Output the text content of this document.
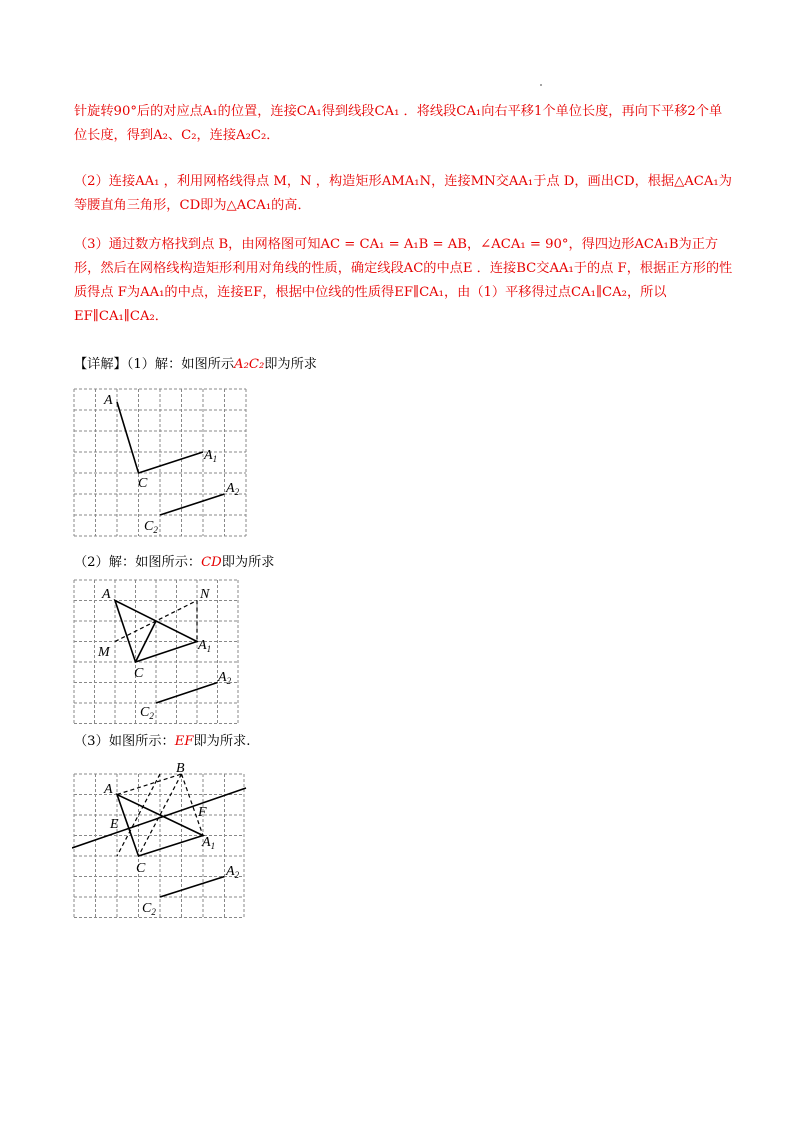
针旋转90°后的对应点A₁的位置，连接CA₁得到线段CA₁ ．将线段CA₁向右平移1个单位长度，再向下平移2个单位长度，得到A₂、C₂，连接A₂C₂．
（2）连接AA₁ ，利用网格线得点 M，N ，构造矩形AMA₁N，连接MN交AA₁于点 D，画出CD，根据△ACA₁为等腰直角三角形，CD即为△ACA₁的高．
（3）通过数方格找到点 B，由网格图可知AC = CA₁ = A₁B = AB，∠ACA₁ = 90°，得四边形ACA₁B为正方形，然后在网格线构造矩形利用对角线的性质，确定线段AC的中点E ．连接BC交AA₁于的点 F，根据正方形的性质得点 F为AA₁的中点，连接EF，根据中位线的性质得EF∥CA₁，由（1）平移得过点CA₁∥CA₂，所以EF∥CA₁∥CA₂．
【详解】（1）解：如图所示A₂C₂即为所求
A
$A_1$
C	$A_2$
$C_2$
（2）解：如图所示：CD即为所求
A	N
$A_1$
M
C	$A_2$
$C_2$
（3）如图所示：EF即为所求.
B
A
F
E
$A_1$
C	$A_2$
$C_2$
